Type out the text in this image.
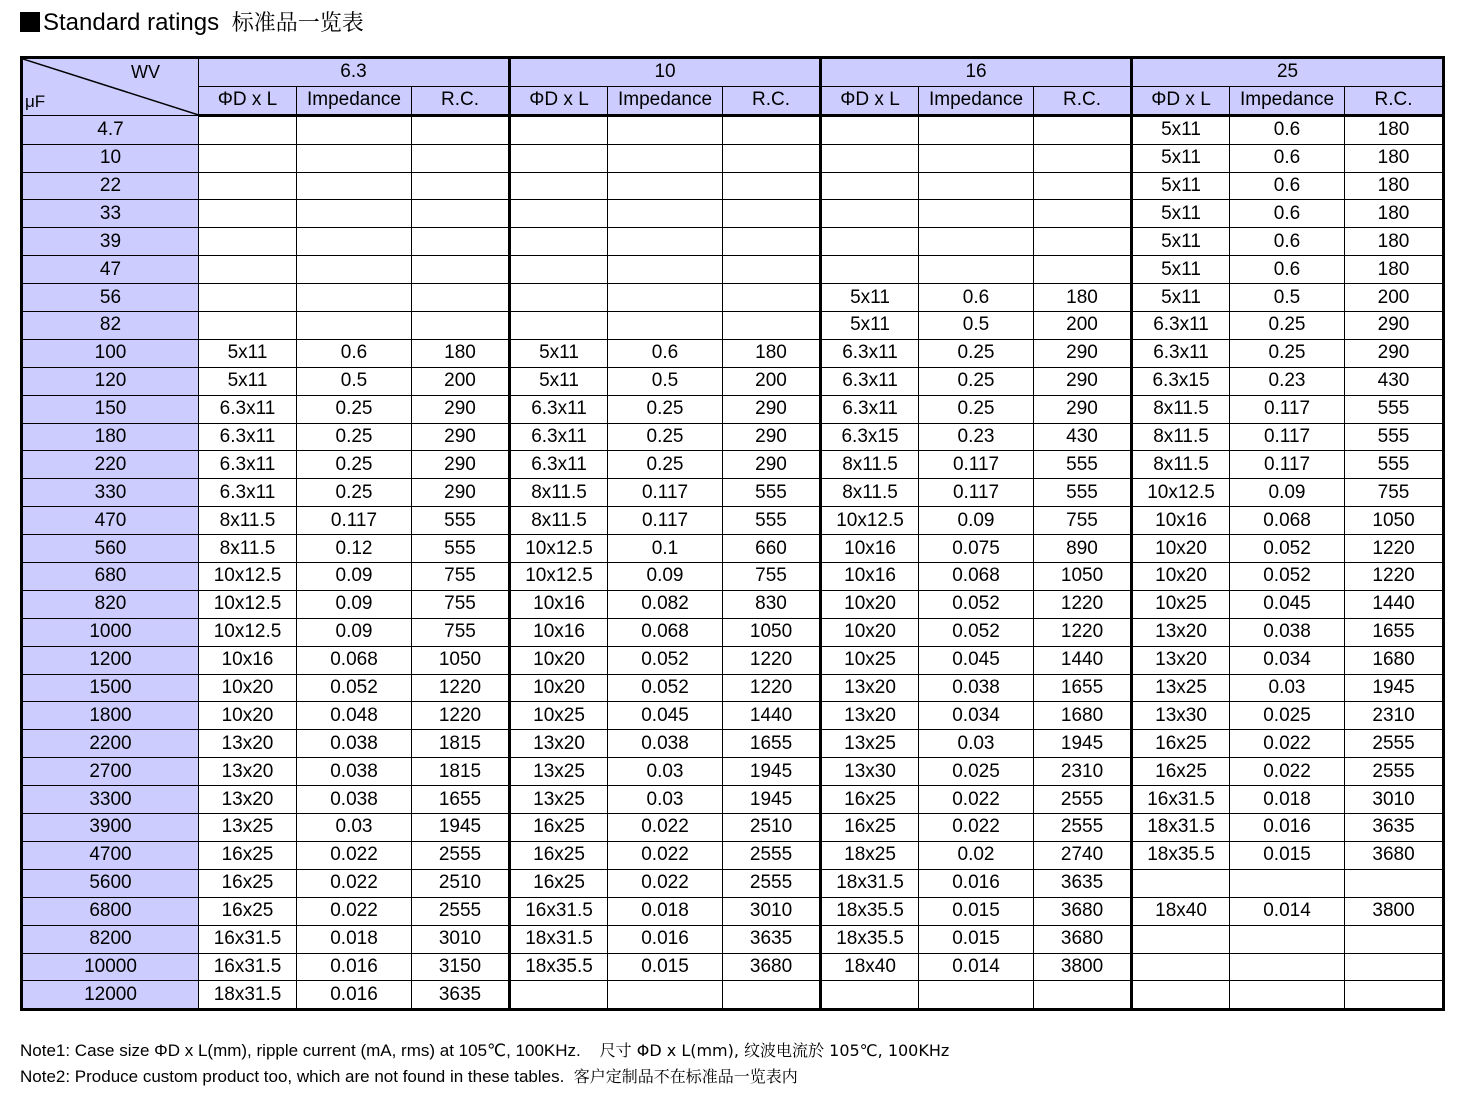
Standard ratings 标准品一览表
WV
μF	6.3			10			16			25		
	ΦD x L	Impedance	R.C.	ΦD x L	Impedance	R.C.	ΦD x L	Impedance	R.C.	ΦD x L	Impedance	R.C.
4.7										5x11	0.6	180
10										5x11	0.6	180
22										5x11	0.6	180
33										5x11	0.6	180
39										5x11	0.6	180
47										5x11	0.6	180
56							5x11	0.6	180	5x11	0.5	200
82							5x11	0.5	200	6.3x11	0.25	290
100	5x11	0.6	180	5x11	0.6	180	6.3x11	0.25	290	6.3x11	0.25	290
120	5x11	0.5	200	5x11	0.5	200	6.3x11	0.25	290	6.3x15	0.23	430
150	6.3x11	0.25	290	6.3x11	0.25	290	6.3x11	0.25	290	8x11.5	0.117	555
180	6.3x11	0.25	290	6.3x11	0.25	290	6.3x15	0.23	430	8x11.5	0.117	555
220	6.3x11	0.25	290	6.3x11	0.25	290	8x11.5	0.117	555	8x11.5	0.117	555
330	6.3x11	0.25	290	8x11.5	0.117	555	8x11.5	0.117	555	10x12.5	0.09	755
470	8x11.5	0.117	555	8x11.5	0.117	555	10x12.5	0.09	755	10x16	0.068	1050
560	8x11.5	0.12	555	10x12.5	0.1	660	10x16	0.075	890	10x20	0.052	1220
680	10x12.5	0.09	755	10x12.5	0.09	755	10x16	0.068	1050	10x20	0.052	1220
820	10x12.5	0.09	755	10x16	0.082	830	10x20	0.052	1220	10x25	0.045	1440
1000	10x12.5	0.09	755	10x16	0.068	1050	10x20	0.052	1220	13x20	0.038	1655
1200	10x16	0.068	1050	10x20	0.052	1220	10x25	0.045	1440	13x20	0.034	1680
1500	10x20	0.052	1220	10x20	0.052	1220	13x20	0.038	1655	13x25	0.03	1945
1800	10x20	0.048	1220	10x25	0.045	1440	13x20	0.034	1680	13x30	0.025	2310
2200	13x20	0.038	1815	13x20	0.038	1655	13x25	0.03	1945	16x25	0.022	2555
2700	13x20	0.038	1815	13x25	0.03	1945	13x30	0.025	2310	16x25	0.022	2555
3300	13x20	0.038	1655	13x25	0.03	1945	16x25	0.022	2555	16x31.5	0.018	3010
3900	13x25	0.03	1945	16x25	0.022	2510	16x25	0.022	2555	18x31.5	0.016	3635
4700	16x25	0.022	2555	16x25	0.022	2555	18x25	0.02	2740	18x35.5	0.015	3680
5600	16x25	0.022	2510	16x25	0.022	2555	18x31.5	0.016	3635			
6800	16x25	0.022	2555	16x31.5	0.018	3010	18x35.5	0.015	3680	18x40	0.014	3800
8200	16x31.5	0.018	3010	18x31.5	0.016	3635	18x35.5	0.015	3680			
10000	16x31.5	0.016	3150	18x35.5	0.015	3680	18x40	0.014	3800			
12000	18x31.5	0.016	3635									
Note1: Case size ΦD x L(mm), ripple current (mA, rms) at 105℃, 100KHz. 尺寸 ΦD x L(mm), 纹波电流於 105℃, 100KHz
Note2: Produce custom product too, which are not found in these tables. 客户定制品不在标准品一览表内
